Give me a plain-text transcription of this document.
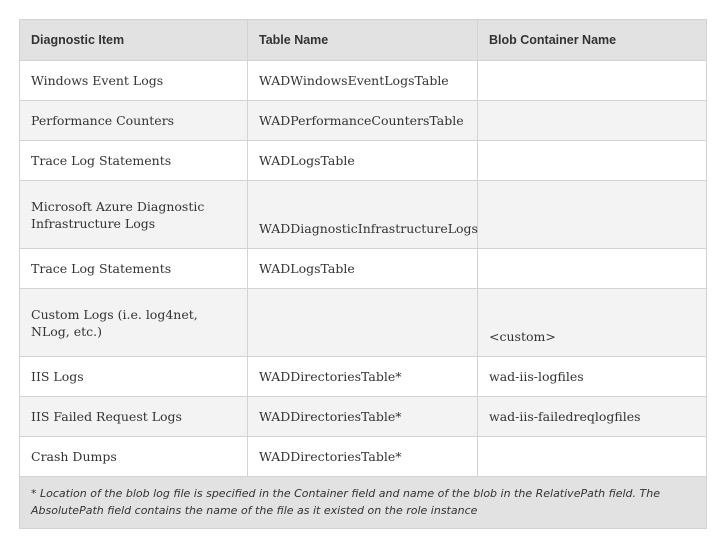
Diagnostic Item	Table Name	Blob Container Name
Windows Event Logs	WADWindowsEventLogsTable	
Performance Counters	WADPerformanceCountersTable	
Trace Log Statements	WADLogsTable	
Microsoft Azure Diagnostic Infrastructure Logs	WADDiagnosticInfrastructureLogs	
Trace Log Statements	WADLogsTable	
Custom Logs (i.e. log4net, NLog, etc.)		<custom>
IIS Logs	WADDirectoriesTable*	wad-iis-logfiles
IIS Failed Request Logs	WADDirectoriesTable*	wad-iis-failedreqlogfiles
Crash Dumps	WADDirectoriesTable*	
* Location of the blob log file is specified in the Container field and name of the blob in the RelativePath field. The AbsolutePath field contains the name of the file as it existed on the role instance		
